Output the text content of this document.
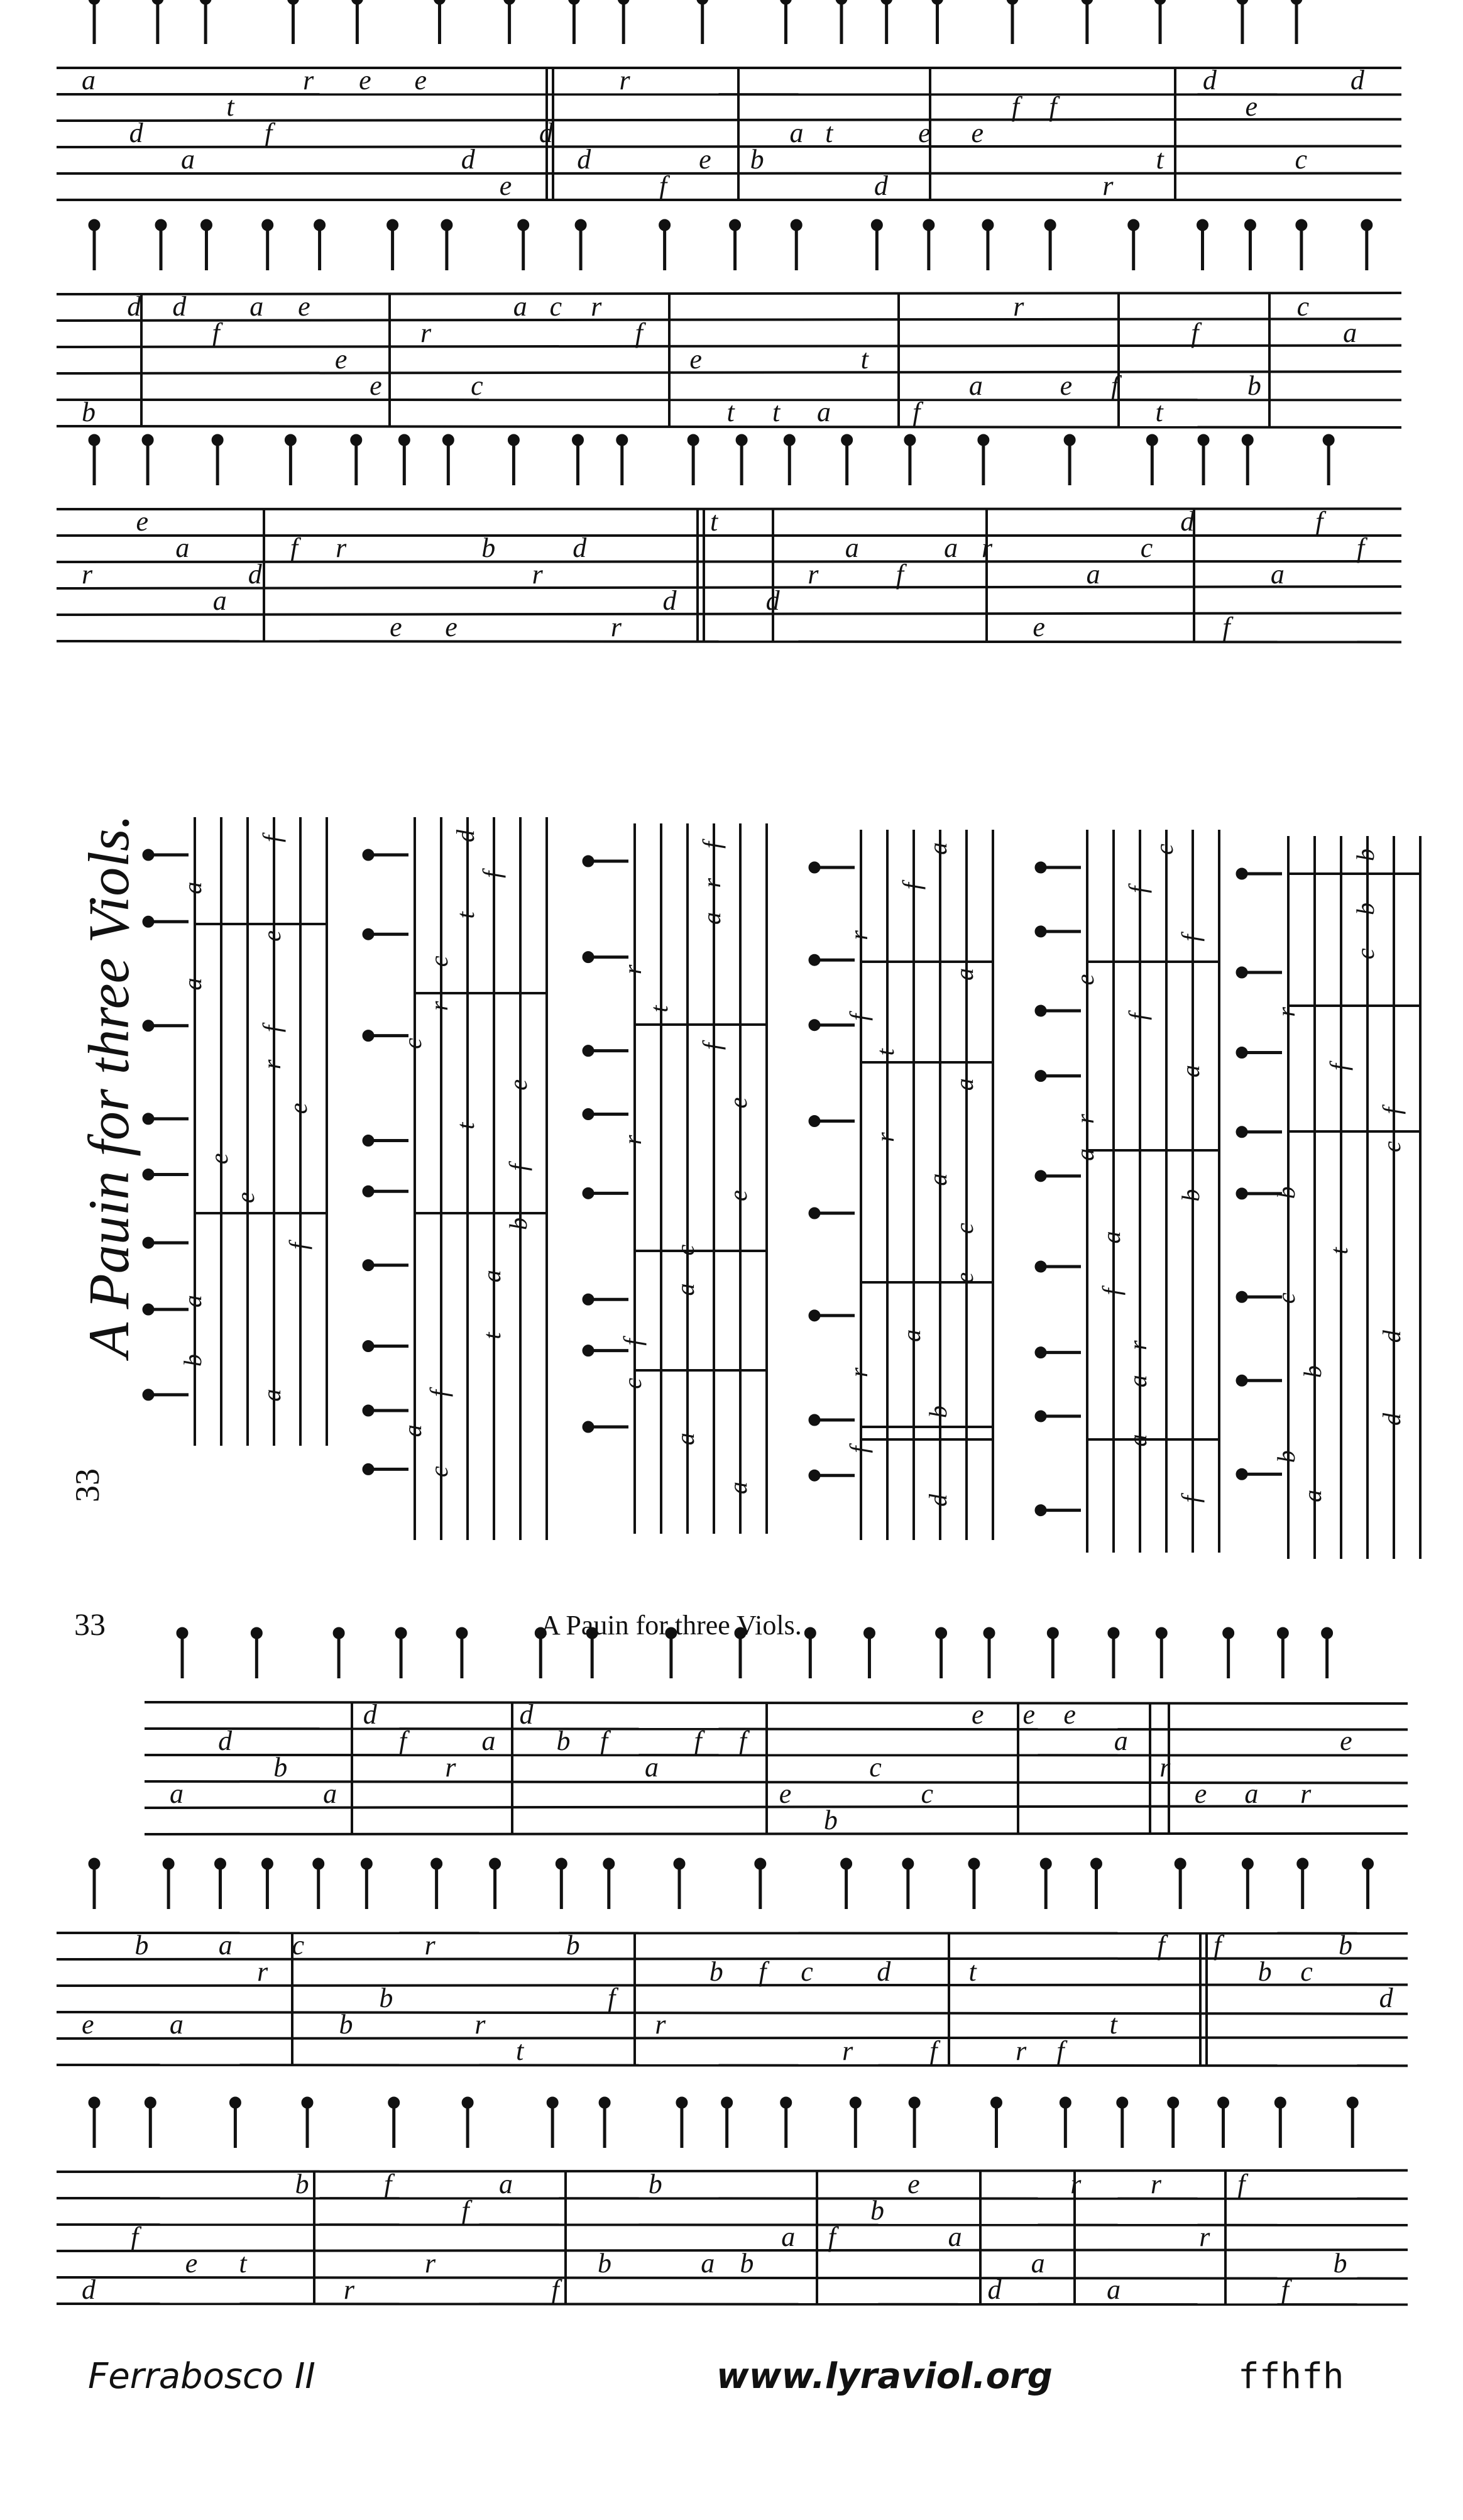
a
d
a
t
f
r e e
d
e
d
d
r
f
e b
a t
d
e e
f f
r
t
d
e
c
d
b
d d
f
a e
e
e
r
c
a c r
f
e
t t a
t
f
a
r
e f
t
f
b
c
a
r
e
a
a
d
f r
e e
b
r
d
r
d
t
d
r
a
f
a r
e
a
c
d
f
a
f
f
a
d
b
a
d
f
r
a
d
b f
a
f f
e
b
c
c
e e e
a
r
e a r
e
e
b
a
a
r
c
b
b
r
r
t
b
f
r
b f c
r
d
f
t
r f
t
f f
b c
b
d
d
f
e t
b
r
f
r
f
a
f
b
b
a b
a f
b
e
a
d
a
r
a
r
r
f
f
b
f
a
e
a
f
r
e
e
e
f
a
b
a
d
f
t
c
r
c
e
t
f
b
a
t
f
a
c
f
r
a
r
t
f
e
r
e
c
a
f
c
a
a
a
f
r
a
f
t
a
r
a
c
e
a
r
b
f
d
c
f
f
e
f
a
r
a
b
a
f
r
a
a
f
b
b
c
r
f
f
c
b
t
c
d
b
d
b
a
A Pauin for three Viols.
33
33	A Pauin for three Viols.
Ferrabosco II	www.lyraviol.org	ffhfh
